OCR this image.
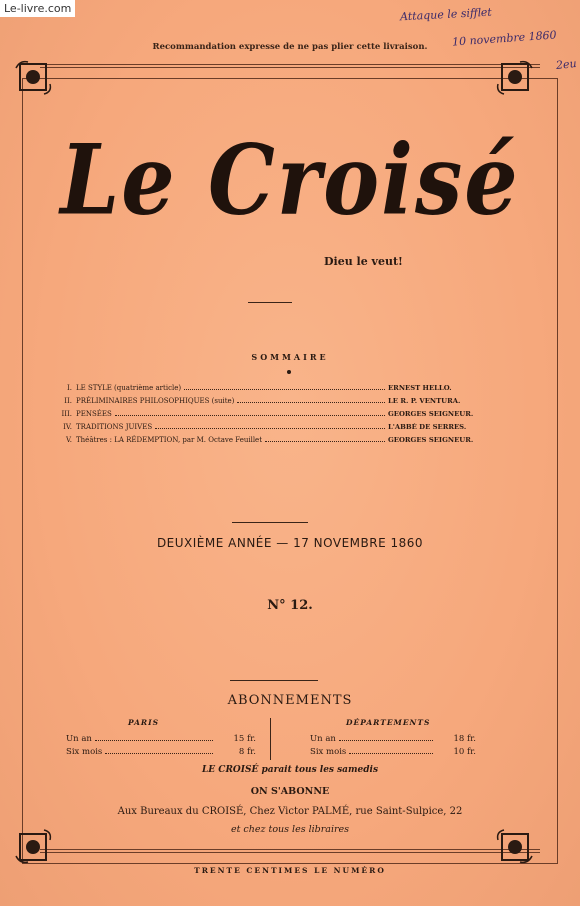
Le-livre.com	Attaque le sifflet
10 novembre 1860
2eu
Recommandation expresse de ne pas plier cette livraison.
Le Croisé
Dieu le veut!
SOMMAIRE
I. LE STYLE (quatrième article)	ERNEST HELLO.
II. PRÉLIMINAIRES PHILOSOPHIQUES (suite)	LE R. P. VENTURA.
III. PENSÉES	GEORGES SEIGNEUR.
IV. TRADITIONS JUIVES	L'ABBÉ DE SERRES.
V. Théâtres : LA RÉDEMPTION, par M. Octave Feuillet	GEORGES SEIGNEUR.
DEUXIÈME ANNÉE — 17 NOVEMBRE 1860
N° 12.
ABONNEMENTS
PARIS	DÉPARTEMENTS
Un an	15 fr.
Six mois	8 fr.
Un an	18 fr.
Six mois	10 fr.
LE CROISÉ parait tous les samedis
ON S'ABONNE
Aux Bureaux du CROISÉ, Chez Victor PALMÉ, rue Saint-Sulpice, 22
et chez tous les libraires
TRENTE CENTIMES LE NUMÉRO
